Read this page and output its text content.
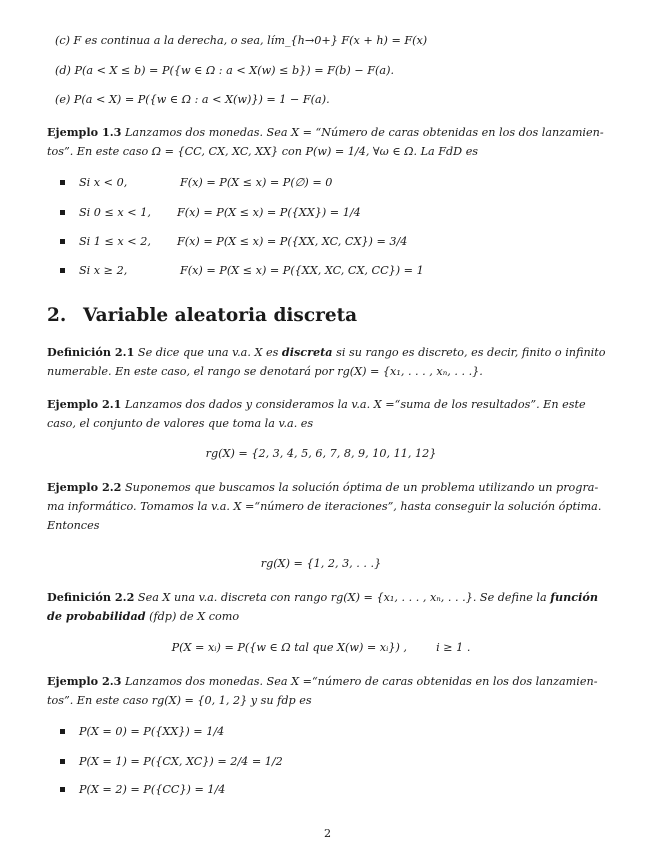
(c) F es continua a la derecha, o sea, lím_{h→0+} F(x + h) = F(x)
(d) P(a < X ≤ b) = P({w ∈ Ω : a < X(w) ≤ b}) = F(b) − F(a).
(e) P(a < X) = P({w ∈ Ω : a < X(w)}) = 1 − F(a).
Ejemplo 1.3 Lanzamos dos monedas. Sea X = “Número de caras obtenidas en los dos lanzamien-
tos”. En este caso Ω = {CC, CX, XC, XX} con P(w) = 1/4, ∀ω ∈ Ω. La FdD es
Si x < 0,	F(x) = P(X ≤ x) = P(∅) = 0
Si 0 ≤ x < 1, F(x) = P(X ≤ x) = P({XX}) = 1/4
Si 1 ≤ x < 2, F(x) = P(X ≤ x) = P({XX, XC, CX}) = 3/4
Si x ≥ 2,	F(x) = P(X ≤ x) = P({XX, XC, CX, CC}) = 1
2. Variable aleatoria discreta
Definición 2.1 Se dice que una v.a. X es discreta si su rango es discreto, es decir, finito o infinito
numerable. En este caso, el rango se denotará por rg(X) = {x₁, . . . , xₙ, . . .}.
Ejemplo 2.1 Lanzamos dos dados y consideramos la v.a. X =“suma de los resultados”. En este
caso, el conjunto de valores que toma la v.a. es
rg(X) = {2, 3, 4, 5, 6, 7, 8, 9, 10, 11, 12}
Ejemplo 2.2 Suponemos que buscamos la solución óptima de un problema utilizando un progra-
ma informático. Tomamos la v.a. X =“número de iteraciones”, hasta conseguir la solución óptima.
Entonces
rg(X) = {1, 2, 3, . . .}
Definición 2.2 Sea X una v.a. discreta con rango rg(X) = {x₁, . . . , xₙ, . . .}. Se define la función
de probabilidad (fdp) de X como
P(X = xᵢ) = P({w ∈ Ω tal que X(w) = xᵢ}) ,	i ≥ 1 .
Ejemplo 2.3 Lanzamos dos monedas. Sea X =“número de caras obtenidas en los dos lanzamien-
tos”. En este caso rg(X) = {0, 1, 2} y su fdp es
P(X = 0) = P({XX}) = 1/4
P(X = 1) = P({CX, XC}) = 2/4 = 1/2
P(X = 2) = P({CC}) = 1/4
2
